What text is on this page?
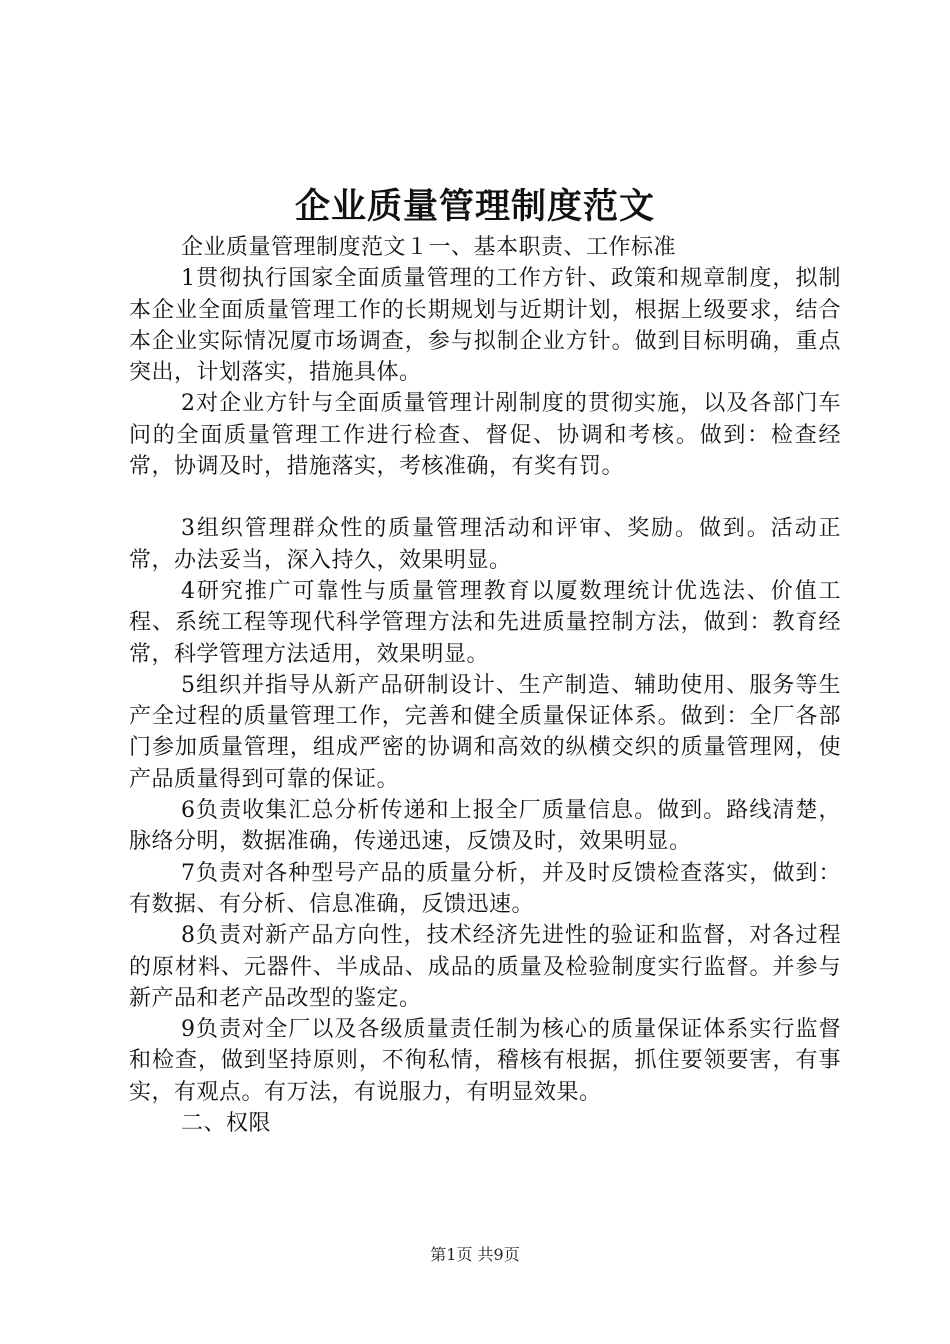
企业质量管理制度范文

企业质量管理制度范文１一、基本职责、工作标准

1贯彻执行国家全面质量管理的工作方针、政策和规章制度，拟制本企业全面质量管理工作的长期规划与近期计划，根据上级要求，结合本企业实际情况厦市场调查，参与拟制企业方针。做到目标明确，重点突出，计划落实，措施具体。

2对企业方针与全面质量管理计剐制度的贯彻实施，以及各部门车问的全面质量管理工作进行检查、督促、协调和考核。做到：检查经常，协调及时，措施落实，考核准确，有奖有罚。

3组织管理群众性的质量管理活动和评审、奖励。做到。活动正常，办法妥当，深入持久，效果明显。

4研究推广可靠性与质量管理教育以厦数理统计优选法、价值工程、系统工程等现代科学管理方法和先进质量控制方法，做到：教育经常，科学管理方法适用，效果明显。

5组织并指导从新产品研制设计、生产制造、辅助使用、服务等生产全过程的质量管理工作，完善和健全质量保证体系。做到：全厂各部门参加质量管理，组成严密的协调和高效的纵横交织的质量管理网，使产品质量得到可靠的保证。

6负责收集汇总分析传递和上报全厂质量信息。做到。路线清楚，脉络分明，数据准确，传递迅速，反馈及时，效果明显。

7负责对各种型号产品的质量分析，并及时反馈检查落实，做到：有数据、有分析、信息准确，反馈迅速。

8负责对新产品方向性，技术经济先进性的验证和监督，对各过程的原材料、元器件、半成品、成品的质量及检验制度实行监督。并参与新产品和老产品改型的鉴定。

9负责对全厂以及各级质量责任制为核心的质量保证体系实行监督和检查，做到坚持原则，不徇私情，稽核有根据，抓住要领要害，有事实，有观点。有万法，有说服力，有明显效果。

二、权限

第1页 共9页
